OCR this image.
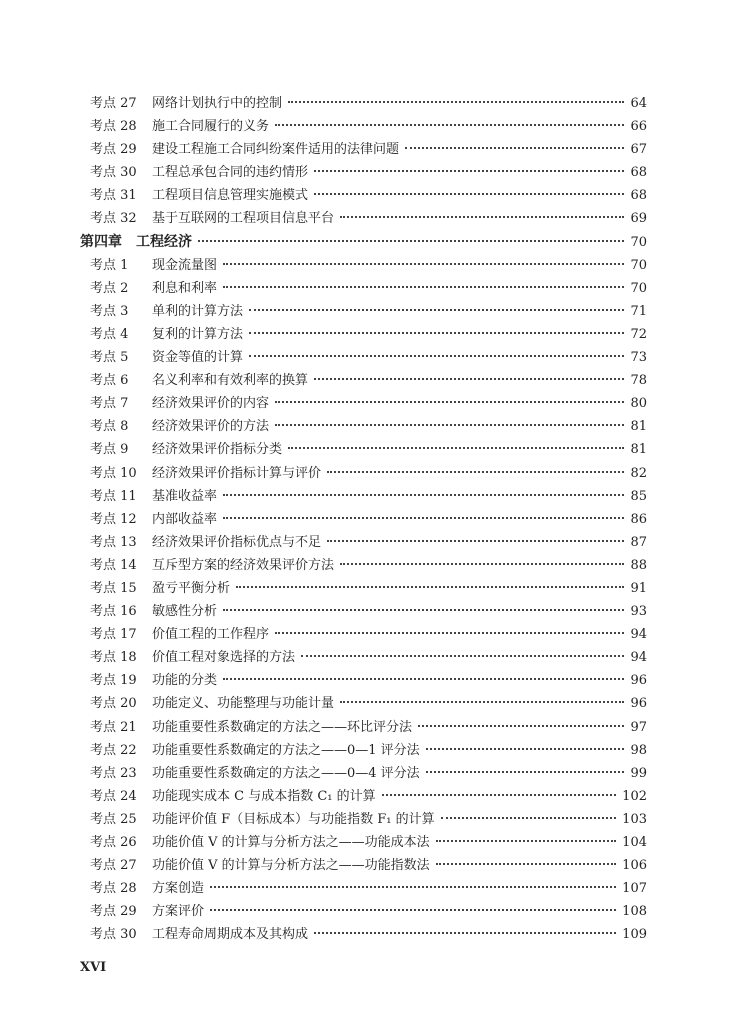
考点 27	网络计划执行中的控制	64
考点 28	施工合同履行的义务	66
考点 29	建设工程施工合同纠纷案件适用的法律问题	67
考点 30	工程总承包合同的违约情形	68
考点 31	工程项目信息管理实施模式	68
考点 32	基于互联网的工程项目信息平台	69
第四章	工程经济	70
考点 1	现金流量图	70
考点 2	利息和利率	70
考点 3	单利的计算方法	71
考点 4	复利的计算方法	72
考点 5	资金等值的计算	73
考点 6	名义利率和有效利率的换算	78
考点 7	经济效果评价的内容	80
考点 8	经济效果评价的方法	81
考点 9	经济效果评价指标分类	81
考点 10	经济效果评价指标计算与评价	82
考点 11	基准收益率	85
考点 12	内部收益率	86
考点 13	经济效果评价指标优点与不足	87
考点 14	互斥型方案的经济效果评价方法	88
考点 15	盈亏平衡分析	91
考点 16	敏感性分析	93
考点 17	价值工程的工作程序	94
考点 18	价值工程对象选择的方法	94
考点 19	功能的分类	96
考点 20	功能定义、功能整理与功能计量	96
考点 21	功能重要性系数确定的方法之——环比评分法	97
考点 22	功能重要性系数确定的方法之——0—1 评分法	98
考点 23	功能重要性系数确定的方法之——0—4 评分法	99
考点 24	功能现实成本 C 与成本指数 C₁ 的计算	102
考点 25	功能评价值 F（目标成本）与功能指数 F₁ 的计算	103
考点 26	功能价值 V 的计算与分析方法之——功能成本法	104
考点 27	功能价值 V 的计算与分析方法之——功能指数法	106
考点 28	方案创造	107
考点 29	方案评价	108
考点 30	工程寿命周期成本及其构成	109
XVI
